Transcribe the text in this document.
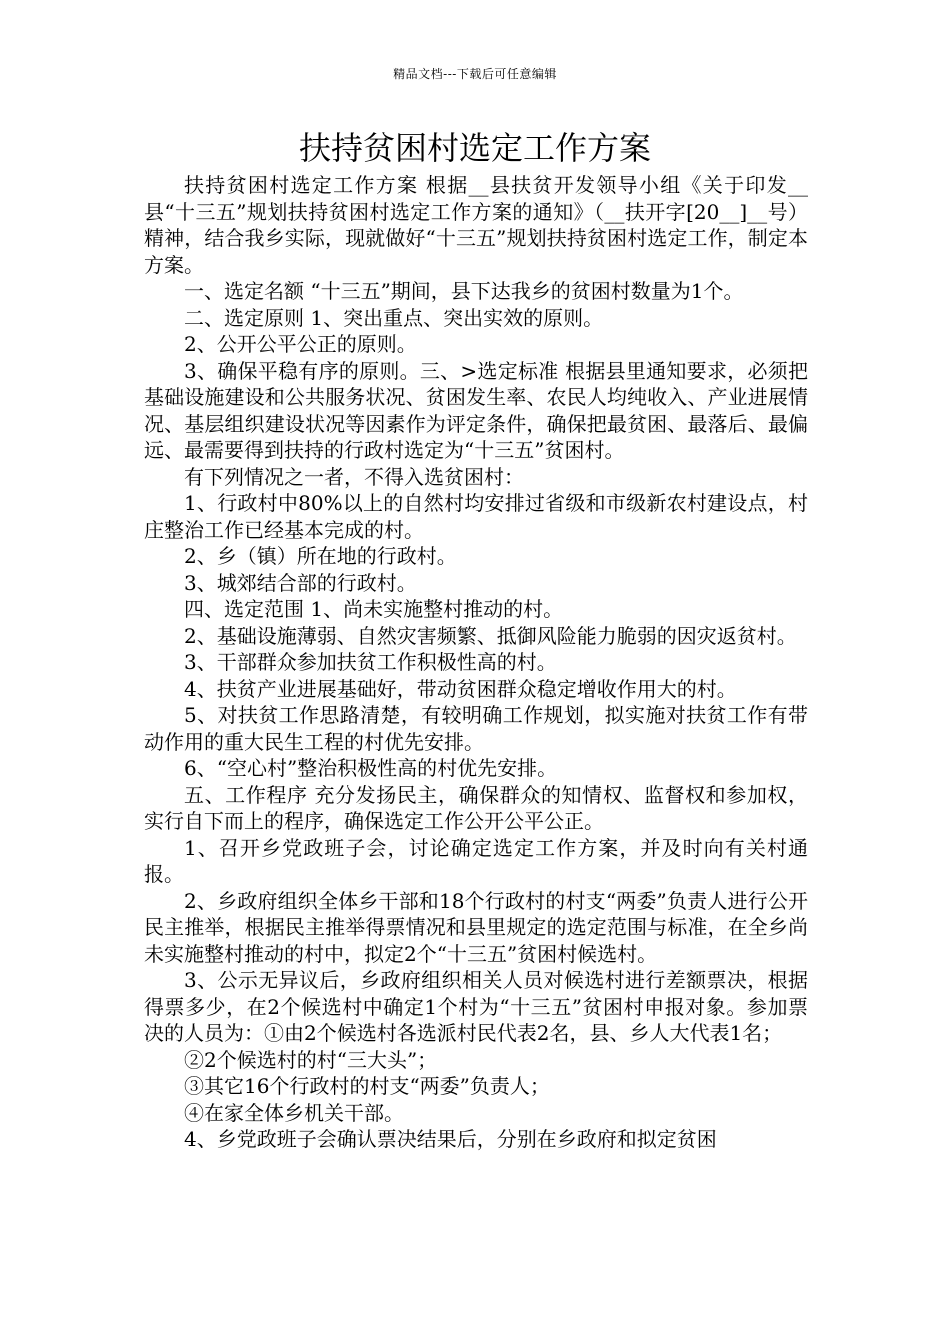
精品文档---下载后可任意编辑
扶持贫困村选定工作方案

扶持贫困村选定工作方案 根据__县扶贫开发领导小组《关于印发__县“十三五”规划扶持贫困村选定工作方案的通知》（__扶开字[20__]__号）精神，结合我乡实际，现就做好“十三五”规划扶持贫困村选定工作，制定本方案。

一、选定名额 “十三五”期间，县下达我乡的贫困村数量为1个。

二、选定原则 1、突出重点、突出实效的原则。

2、公开公平公正的原则。

3、确保平稳有序的原则。三、>选定标准 根据县里通知要求，必须把基础设施建设和公共服务状况、贫困发生率、农民人均纯收入、产业进展情况、基层组织建设状况等因素作为评定条件，确保把最贫困、最落后、最偏远、最需要得到扶持的行政村选定为“十三五”贫困村。

有下列情况之一者，不得入选贫困村：

1、行政村中80%以上的自然村均安排过省级和市级新农村建设点，村庄整治工作已经基本完成的村。

2、乡（镇）所在地的行政村。

3、城郊结合部的行政村。

四、选定范围 1、尚未实施整村推动的村。

2、基础设施薄弱、自然灾害频繁、抵御风险能力脆弱的因灾返贫村。

3、干部群众参加扶贫工作积极性高的村。

4、扶贫产业进展基础好，带动贫困群众稳定增收作用大的村。

5、对扶贫工作思路清楚，有较明确工作规划，拟实施对扶贫工作有带动作用的重大民生工程的村优先安排。

6、“空心村”整治积极性高的村优先安排。

五、工作程序 充分发扬民主，确保群众的知情权、监督权和参加权，实行自下而上的程序，确保选定工作公开公平公正。

1、召开乡党政班子会，讨论确定选定工作方案，并及时向有关村通报。

2、乡政府组织全体乡干部和18个行政村的村支“两委”负责人进行公开民主推举，根据民主推举得票情况和县里规定的选定范围与标准，在全乡尚未实施整村推动的村中，拟定2个“十三五”贫困村候选村。

3、公示无异议后，乡政府组织相关人员对候选村进行差额票决，根据得票多少，在2个候选村中确定1个村为“十三五”贫困村申报对象。参加票决的人员为：①由2个候选村各选派村民代表2名，县、乡人大代表1名；

②2个候选村的村“三大头”；

③其它16个行政村的村支“两委”负责人；

④在家全体乡机关干部。

4、乡党政班子会确认票决结果后，分别在乡政府和拟定贫困
